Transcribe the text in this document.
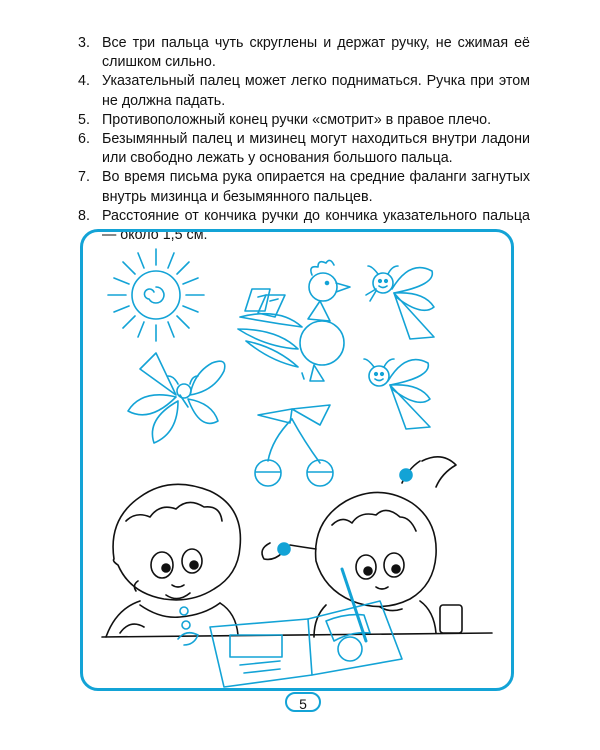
3. Все три пальца чуть скруглены и держат ручку, не сжимая её слишком сильно.
4. Указательный палец может легко подниматься. Ручка при этом не должна падать.
5. Противоположный конец ручки «смотрит» в правое плечо.
6. Безымянный палец и мизинец могут находиться внутри ладони или свободно лежать у основания большого пальца.
7. Во время письма рука опирается на средние фаланги загнутых внутрь мизинца и безымянного пальцев.
8. Расстояние от кончика ручки до кончика указательного пальца — около 1,5 см.
5
